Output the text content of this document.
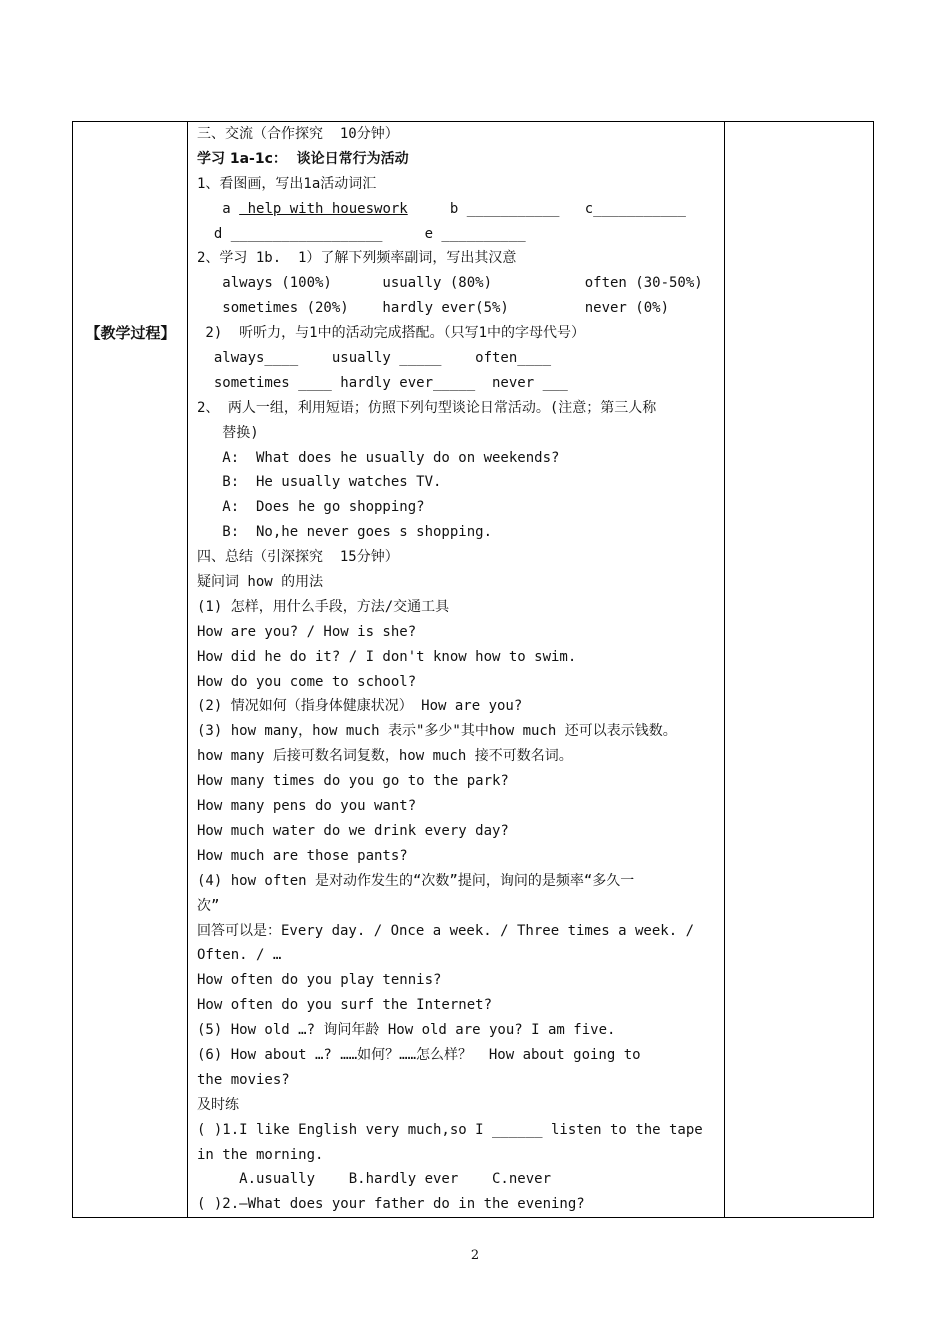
【教学过程】
三、交流（合作探究  10分钟）
学习 1a-1c：  谈论日常行为活动
1、看图画，写出1a活动词汇
a  help with houeswork     b ___________   c___________
d __________________     e __________
2、学习 1b.  1）了解下列频率副词，写出其汉意
always (100%)      usually (80%)           often (30-50%)
sometimes (20%)    hardly ever(5%)         never (0%)
2)  听听力，与1中的活动完成搭配。（只写1中的字母代号）
always____    usually _____    often____
sometimes ____ hardly ever_____  never ___
2、 两人一组，利用短语；仿照下列句型谈论日常活动。(注意；第三人称
替换)
A:  What does he usually do on weekends?
B:  He usually watches TV.
A:  Does he go shopping?
B:  No,he never goes s shopping.
四、总结（引深探究  15分钟）
疑问词 how 的用法
(1) 怎样，用什么手段，方法/交通工具
How are you? / How is she?
How did he do it? / I don't know how to swim.
How do you come to school?
(2) 情况如何（指身体健康状况） How are you?
(3) how many，how much 表示"多少"其中how much 还可以表示钱数。
how many 后接可数名词复数，how much 接不可数名词。
How many times do you go to the park?
How many pens do you want?
How much water do we drink every day?
How much are those pants?
(4) how often 是对动作发生的“次数”提问，询问的是频率“多久一
次”
回答可以是：Every day. / Once a week. / Three times a week. /
Often. / …
How often do you play tennis?
How often do you surf the Internet?
(5) How old …? 询问年龄 How old are you? I am five.
(6) How about …? ……如何？……怎么样？  How about going to
the movies?
及时练
( )1.I like English very much,so I ______ listen to the tape
in the morning.
A.usually    B.hardly ever    C.never
( )2.—What does your father do in the evening?
2
